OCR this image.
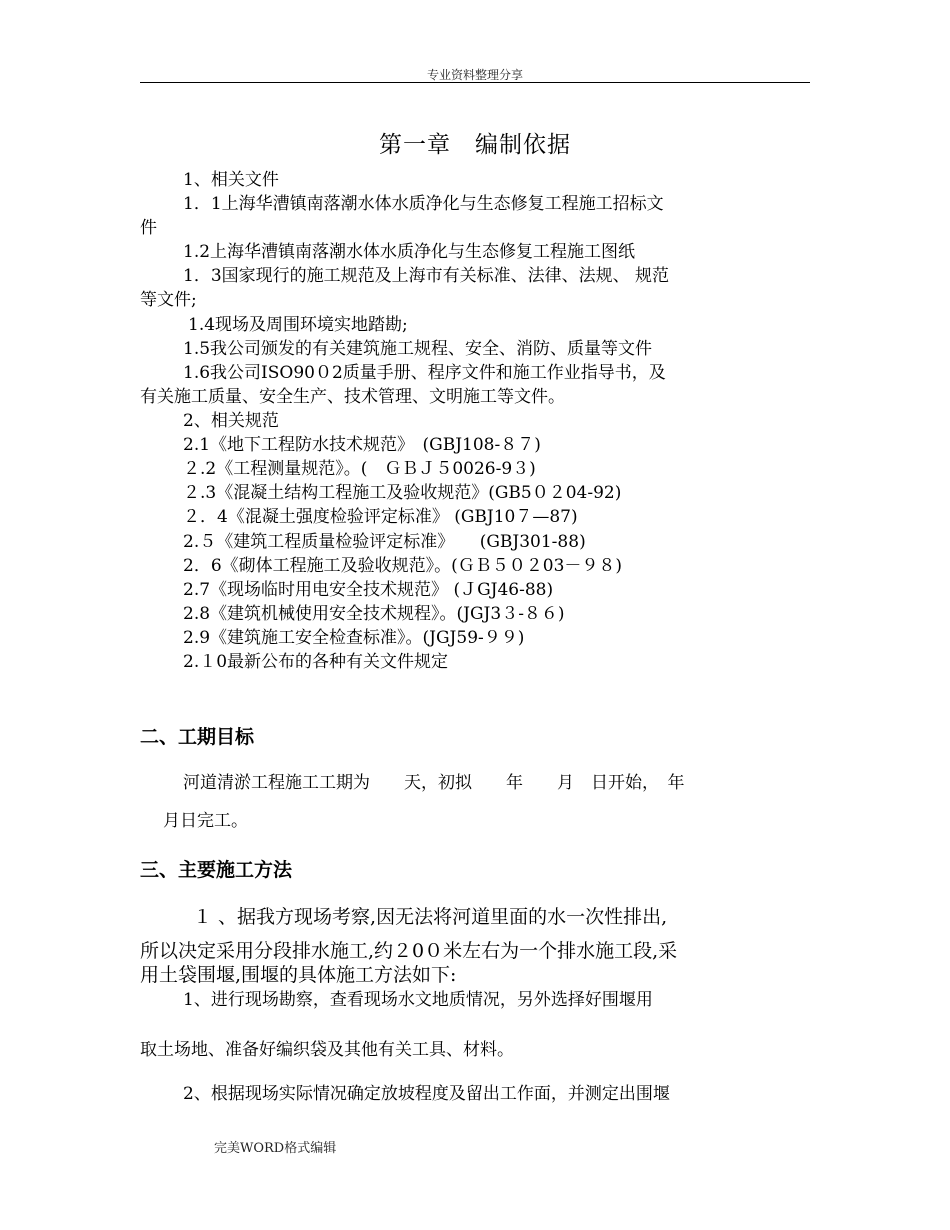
专业资料整理分享
第一章　编制依据
1、相关文件
1．1上海华漕镇南落潮水体水质净化与生态修复工程施工招标文
件
1.2上海华漕镇南落潮水体水质净化与生态修复工程施工图纸
1．3国家现行的施工规范及上海市有关标准、法律、法规、 规范
等文件;
1.4现场及周围环境实地踏勘;
1.5我公司颁发的有关建筑施工规程、安全、消防、质量等文件
1.6我公司ISO90０2质量手册、程序文件和施工作业指导书，及
有关施工质量、安全生产、技术管理、文明施工等文件。
2、相关规范
2.1《地下工程防水技术规范》　(GBJ108-８７)
２.2《工程测量规范》。(　ＧＢＪ５0026-9３)
２.3《混凝土结构工程施工及验收规范》(GB5０２04-92)
２．4《混凝土强度检验评定标准》 (GBJ10７—87)
2.５《建筑工程质量检验评定标准》　　(GBJ301-88)
2．6《砌体工程施工及验收规范》。(ＧＢ５０２03－９８)
2.7《现场临时用电安全技术规范》 (ＪGJ46-88)
2.8《建筑机械使用安全技术规程》。(JGJ3３-８６)
2.9《建筑施工安全检查标准》。(JGJ59-９９)
2.１0最新公布的各种有关文件规定
二、工期目标
河道清淤工程施工工期为　　天，初拟　　年　　月　日开始，　年
月日完工。
三、主要施工方法
１ 、据我方现场考察,因无法将河道里面的水一次性排出,
所以决定采用分段排水施工,约２0０米左右为一个排水施工段,采
用土袋围堰,围堰的具体施工方法如下:
1、进行现场勘察，查看现场水文地质情况，另外选择好围堰用
取土场地、准备好编织袋及其他有关工具、材料。
2、根据现场实际情况确定放坡程度及留出工作面，并测定出围堰
完美WORD格式编辑
